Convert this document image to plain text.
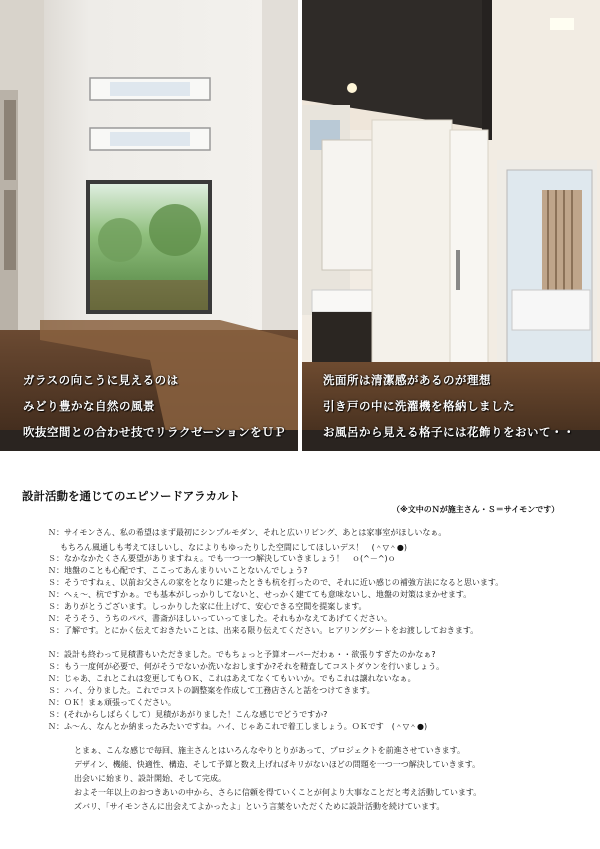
ガラスの向こうに見えるのは
みどり豊かな自然の風景
吹抜空間との合わせ技でリラクゼーションをＵＰ
洗面所は清潔感があるのが理想
引き戸の中に洗濯機を格納しました
お風呂から見える格子には花飾りをおいて・・
設計活動を通じてのエピソードアラカルト
（※文中のＮが施主さん・Ｓ＝サイモンです）
Ｎ：サイモンさん、私の希望はまず最初にシンプルモダン、それと広いリビング、あとは家事室がほしいなぁ。
もちろん風通しも考えてほしいし、なによりもゆったりした空間にしてほしいデス！　(＾▽＾●)
Ｓ：なかなかたくさん要望がありますねぇ。でも一つ一つ解決していきましょう！　ｏ(^－^)ｏ
Ｎ：地盤のことも心配です、ここってあんまりいいことないんでしょう?
Ｓ：そうですねぇ、以前お父さんの家をとなりに建ったときも杭を打ったので、それに近い感じの補強方法になると思います。
Ｎ：へぇ～、杭ですかぁ。でも基本がしっかりしてないと、せっかく建てても意味ないし、地盤の対策はまかせます。
Ｓ：ありがとうございます。しっかりした家に仕上げて、安心できる空間を提案します。
Ｎ：そうそう、うちのパパ、書斎がほしいっていってました。それもかなえてあげてください。
Ｓ：了解です。とにかく伝えておきたいことは、出来る限り伝えてください。ヒアリングシートをお渡ししておきます。
Ｎ：設計も終わって見積書もいただきました。でもちょっと予算オーバーだわぁ・・欲張りすぎたのかなぁ?
Ｓ：もう一度何が必要で、何がそうでないか洗いなおしますか?それを精査してコストダウンを行いましょう。
Ｎ：じゃあ、これとこれは変更してもＯＫ、これはあえてなくてもいいか。でもこれは譲れないなぁ。
Ｓ：ハイ、分りました。これでコストの調整案を作成して工務店さんと話をつけてきます。
Ｎ：ＯＫ！まぁ頑張ってください。
Ｓ：(それからしばらくして）見積があがりました！こんな感じでどうですか?
Ｎ：ふ～ん、なんとか納まったみたいですね。ハイ、じゃあこれで着工しましょう。ＯＫです　(＾▽＾●)
とまぁ、こんな感じで毎回、施主さんとはいろんなやりとりがあって、プロジェクトを前進させていきます。
デザイン、機能、快適性、構造、そして予算と数え上げればキリがないほどの問題を一つ一つ解決していきます。
出会いに始まり、設計開始、そして完成。
およそ一年以上のおつきあいの中から、さらに信頼を得ていくことが何より大事なことだと考え活動しています。
ズバリ、「サイモンさんに出会えてよかったよ」という言葉をいただくために設計活動を続けています。
